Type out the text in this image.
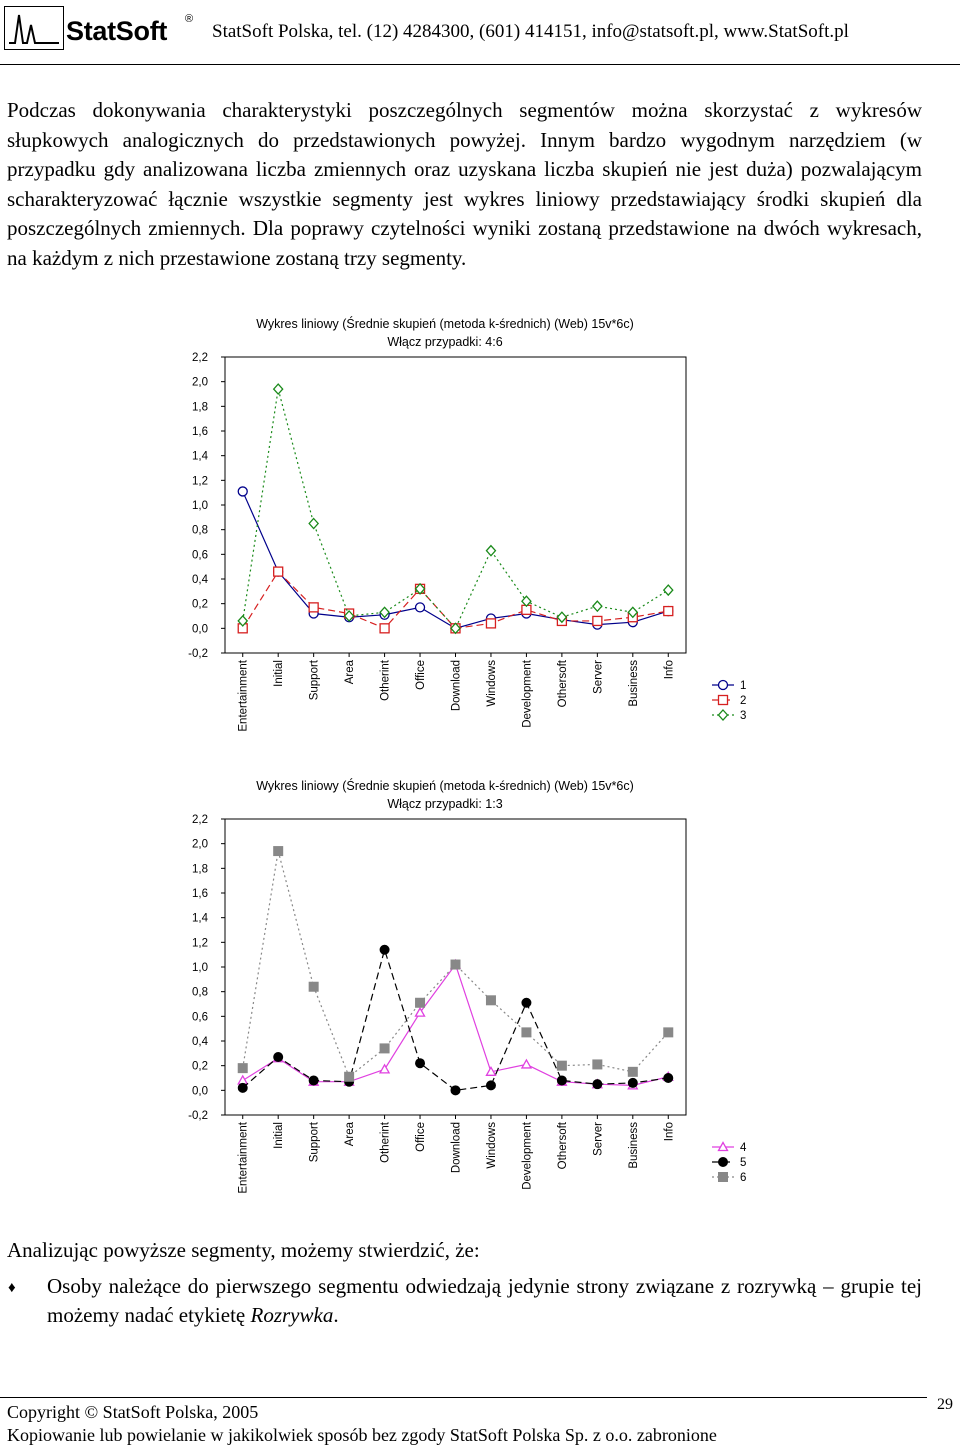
StatSoft ®
StatSoft Polska, tel. (12) 4284300, (601) 414151, info@statsoft.pl, www.StatSoft.pl
Podczas dokonywania charakterystyki poszczególnych segmentów można skorzystać z wykresów słupkowych analogicznych do przedstawionych powyżej. Innym bardzo wygodnym narzędziem (w przypadku gdy analizowana liczba zmiennych oraz uzyskana liczba skupień nie jest duża) pozwalającym scharakteryzować łącznie wszystkie segmenty jest wykres liniowy przedstawiający środki skupień dla poszczególnych zmiennych. Dla poprawy czytelności wyniki zostaną przedstawione na dwóch wykresach, na każdym z nich przestawione zostaną trzy segmenty.
Wykres liniowy (Średnie skupień (metoda k-średnich) (Web) 15v*6c)
Włącz przypadki: 4:6
2,2
2,0
1,8
1,6
1,4
1,2
1,0
0,8
0,6
0,4
0,2
0,0
-0,2
Entertainment Initial Support Area Otherint Office Download Windows Development Othersoft Server Business Info
1
2
3
Wykres liniowy (Średnie skupień (metoda k-średnich) (Web) 15v*6c)
Włącz przypadki: 1:3
2,2
2,0
1,8
1,6
1,4
1,2
1,0
0,8
0,6
0,4
0,2
0,0
-0,2
Entertainment Initial Support Area Otherint Office Download Windows Development Othersoft Server Business Info
4
5
6
Analizując powyższe segmenty, możemy stwierdzić, że:
♦ Osoby należące do pierwszego segmentu odwiedzają jedynie strony związane z rozrywką – grupie tej możemy nadać etykietę Rozrywka.
Copyright © StatSoft Polska, 2005
Kopiowanie lub powielanie w jakikolwiek sposób bez zgody StatSoft Polska Sp. z o.o. zabronione
29
